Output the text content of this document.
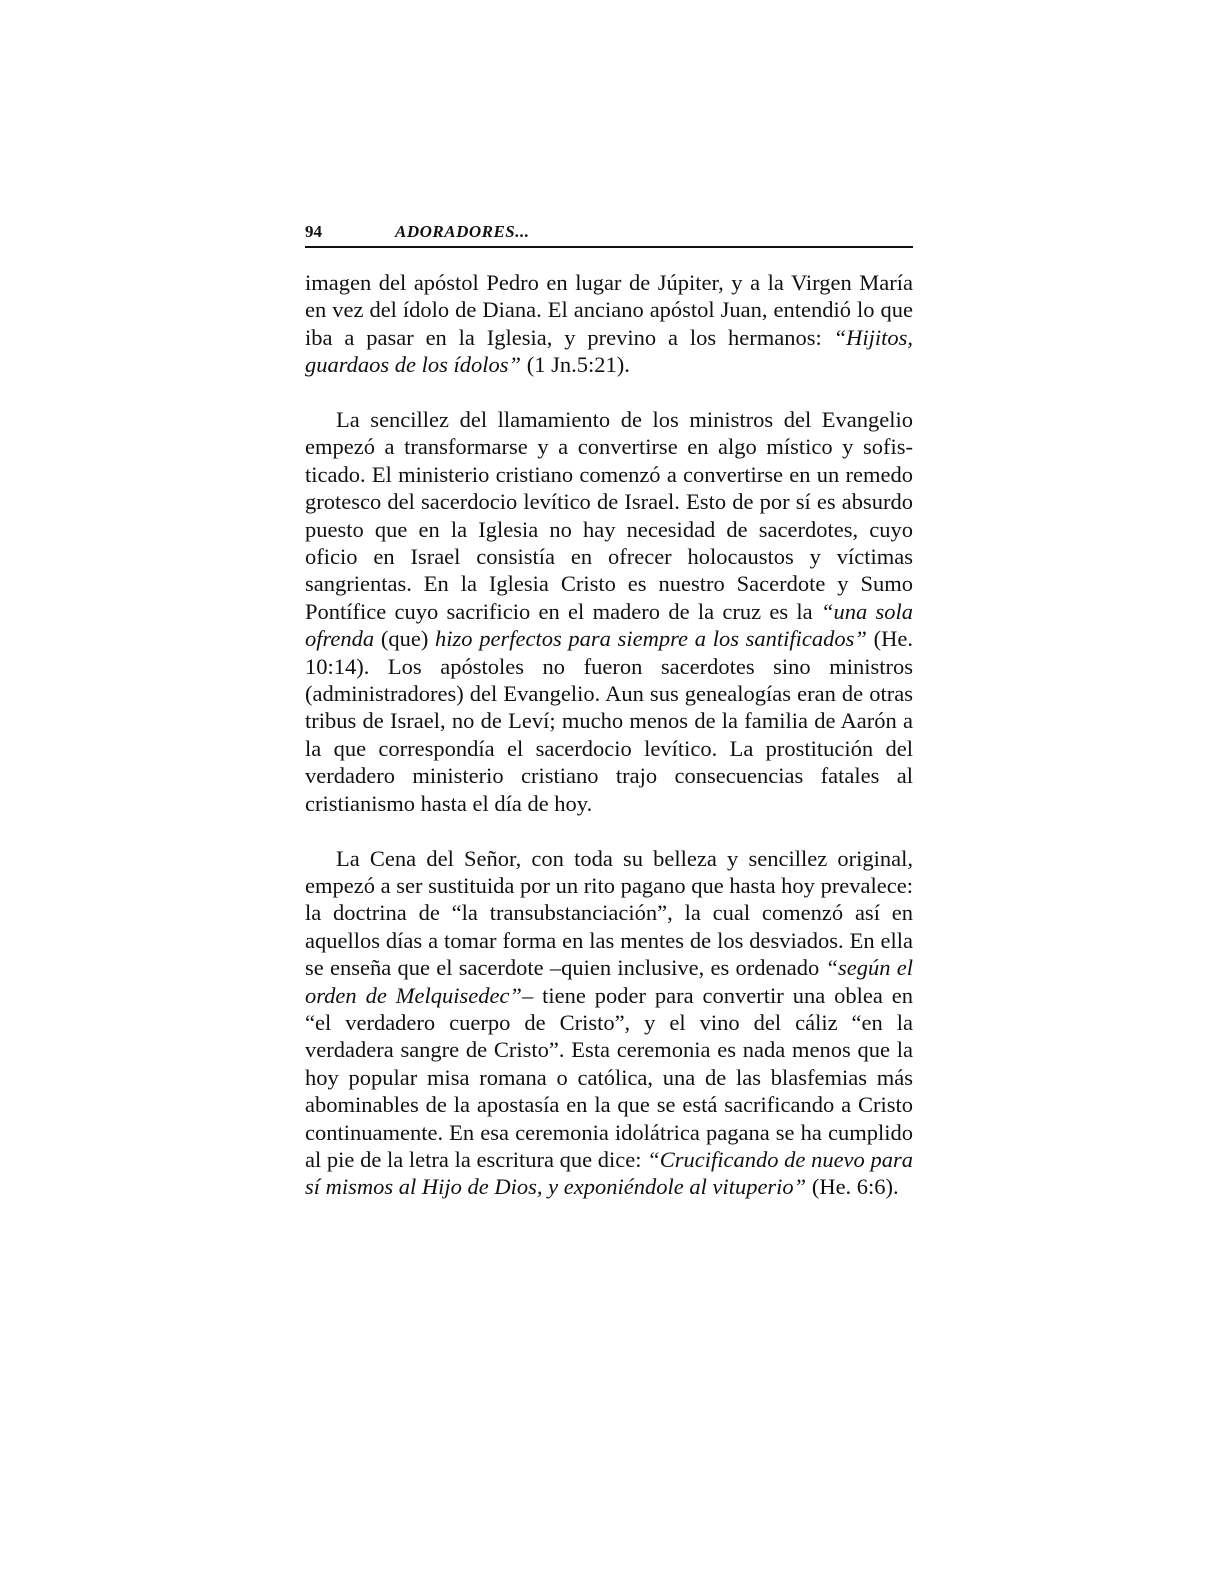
94	ADORADORES...

imagen del apóstol Pedro en lugar de Júpiter, y a la Virgen María en vez del ídolo de Diana. El anciano apóstol Juan, entendió lo que iba a pasar en la Iglesia, y previno a los hermanos: “Hijitos, guardaos de los ídolos” (1 Jn.5:21).

La sencillez del llamamiento de los ministros del Evangelio empezó a transformarse y a convertirse en algo místico y sofisticado. El ministerio cristiano comenzó a convertirse en un remedo grotesco del sacerdocio levítico de Israel. Esto de por sí es absurdo puesto que en la Iglesia no hay necesidad de sacerdotes, cuyo oficio en Israel consistía en ofrecer holocaustos y víctimas sangrientas. En la Iglesia Cristo es nuestro Sacerdote y Sumo Pontífice cuyo sacrificio en el madero de la cruz es la “una sola ofrenda (que) hizo perfectos para siempre a los santificados” (He. 10:14). Los apóstoles no fueron sacerdotes sino ministros (administradores) del Evangelio. Aun sus genealogías eran de otras tribus de Israel, no de Leví; mucho menos de la familia de Aarón a la que correspondía el sacerdocio levítico. La prostitución del verdadero ministerio cristiano trajo consecuencias fatales al cristianismo hasta el día de hoy.

La Cena del Señor, con toda su belleza y sencillez original, empezó a ser sustituida por un rito pagano que hasta hoy prevalece: la doctrina de “la transubstanciación”, la cual comenzó así en aquellos días a tomar forma en las mentes de los desviados. En ella se enseña que el sacerdote –quien inclusive, es ordenado “según el orden de Melquisedec”– tiene poder para convertir una oblea en “el verdadero cuerpo de Cristo”, y el vino del cáliz “en la verdadera sangre de Cristo”. Esta ceremonia es nada menos que la hoy popular misa romana o católica, una de las blasfemias más abominables de la apostasía en la que se está sacrificando a Cristo continuamente. En esa ceremonia idolátrica pagana se ha cumplido al pie de la letra la escritura que dice: “Crucificando de nuevo para sí mismos al Hijo de Dios, y exponiéndole al vituperio” (He. 6:6).
